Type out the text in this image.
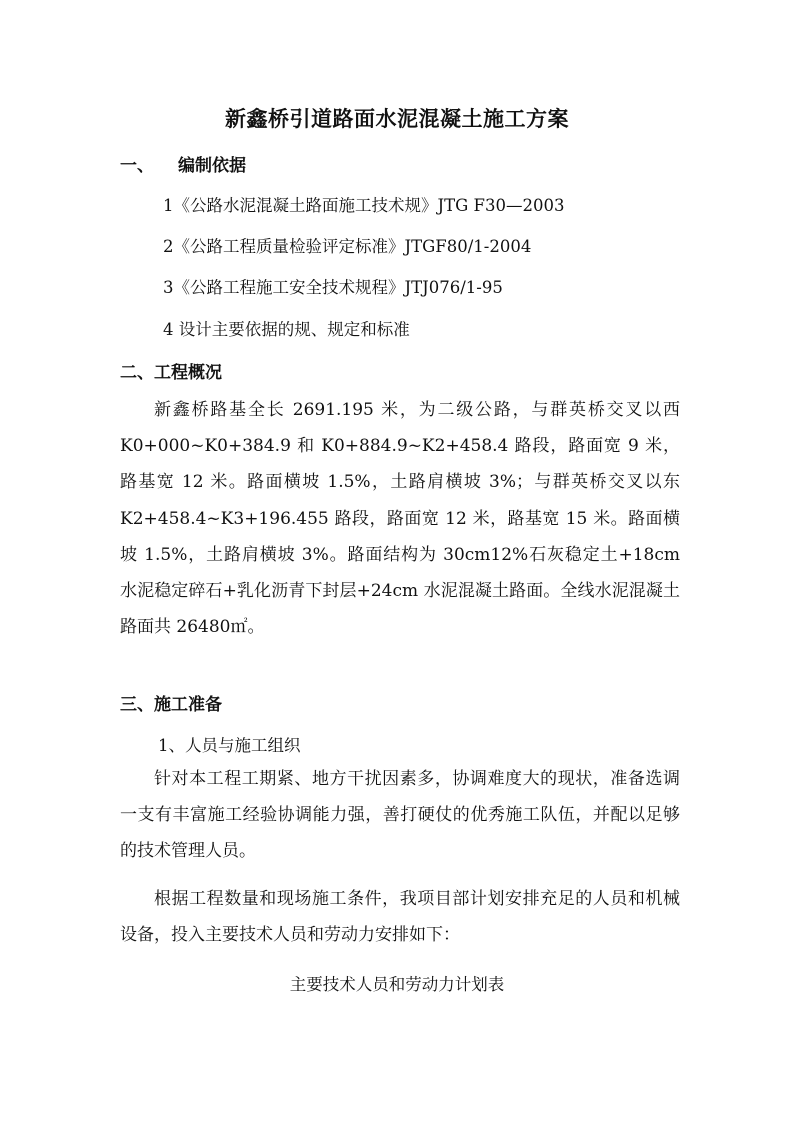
新鑫桥引道路面水泥混凝土施工方案
一、 编制依据
1《公路水泥混凝土路面施工技术规》JTG F30—2003
2《公路工程质量检验评定标准》JTGF80/1-2004
3《公路工程施工安全技术规程》JTJ076/1-95
4 设计主要依据的规、规定和标准
二、工程概况

新鑫桥路基全长 2691.195 米，为二级公路，与群英桥交叉以西 K0+000~K0+384.9 和 K0+884.9~K2+458.4 路段，路面宽 9 米，路基宽 12 米。路面横坡 1.5%，土路肩横坡 3%；与群英桥交叉以东 K2+458.4~K3+196.455 路段，路面宽 12 米，路基宽 15 米。路面横坡 1.5%，土路肩横坡 3%。路面结构为 30cm12%石灰稳定土+18cm 水泥稳定碎石+乳化沥青下封层+24cm 水泥混凝土路面。全线水泥混凝土路面共 26480㎡。

三、施工准备
1、人员与施工组织

针对本工程工期紧、地方干扰因素多，协调难度大的现状，准备选调一支有丰富施工经验协调能力强，善打硬仗的优秀施工队伍，并配以足够的技术管理人员。

根据工程数量和现场施工条件，我项目部计划安排充足的人员和机械设备，投入主要技术人员和劳动力安排如下：

主要技术人员和劳动力计划表
